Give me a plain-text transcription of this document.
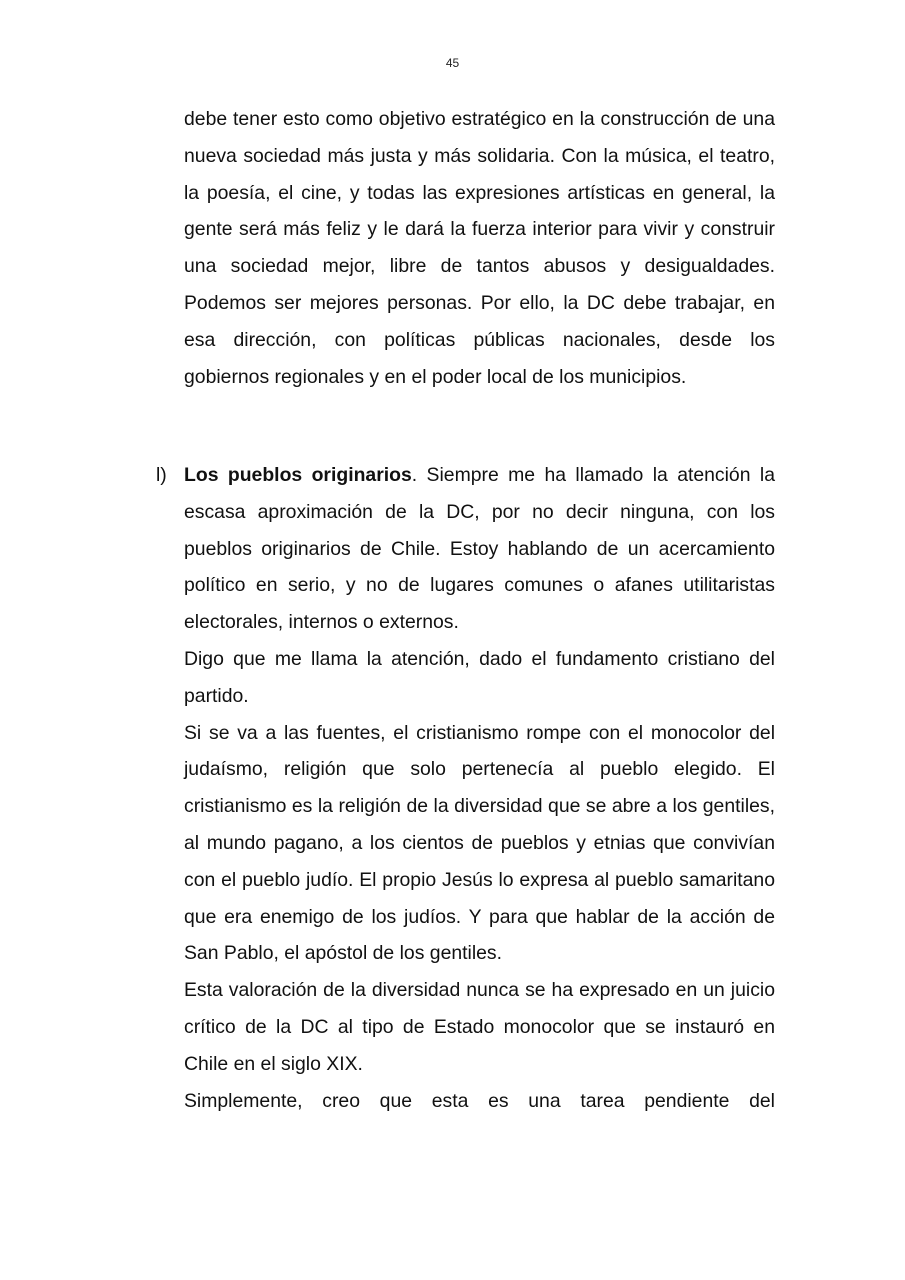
45

debe tener esto como objetivo estratégico en la construcción de una nueva sociedad más justa y más solidaria. Con la música, el teatro, la poesía, el cine, y todas las expresiones artísticas en general, la gente será más feliz y le dará la fuerza interior para vivir y construir una sociedad mejor, libre de tantos abusos y desigualdades. Podemos ser mejores personas. Por ello, la DC debe trabajar, en esa dirección, con políticas públicas nacionales, desde los gobiernos regionales y en el poder local de los municipios.

l) Los pueblos originarios. Siempre me ha llamado la atención la escasa aproximación de la DC, por no decir ninguna, con los pueblos originarios de Chile. Estoy hablando de un acercamiento político en serio, y no de lugares comunes o afanes utilitaristas electorales, internos o externos.

Digo que me llama la atención, dado el fundamento cristiano del partido.

Si se va a las fuentes, el cristianismo rompe con el monocolor del judaísmo, religión que solo pertenecía al pueblo elegido. El cristianismo es la religión de la diversidad que se abre a los gentiles, al mundo pagano, a los cientos de pueblos y etnias que convivían con el pueblo judío. El propio Jesús lo expresa al pueblo samaritano que era enemigo de los judíos. Y para que hablar de la acción de San Pablo, el apóstol de los gentiles.

Esta valoración de la diversidad nunca se ha expresado en un juicio crítico de la DC al tipo de Estado monocolor que se instauró en Chile en el siglo XIX.

Simplemente, creo que esta es una tarea pendiente del
